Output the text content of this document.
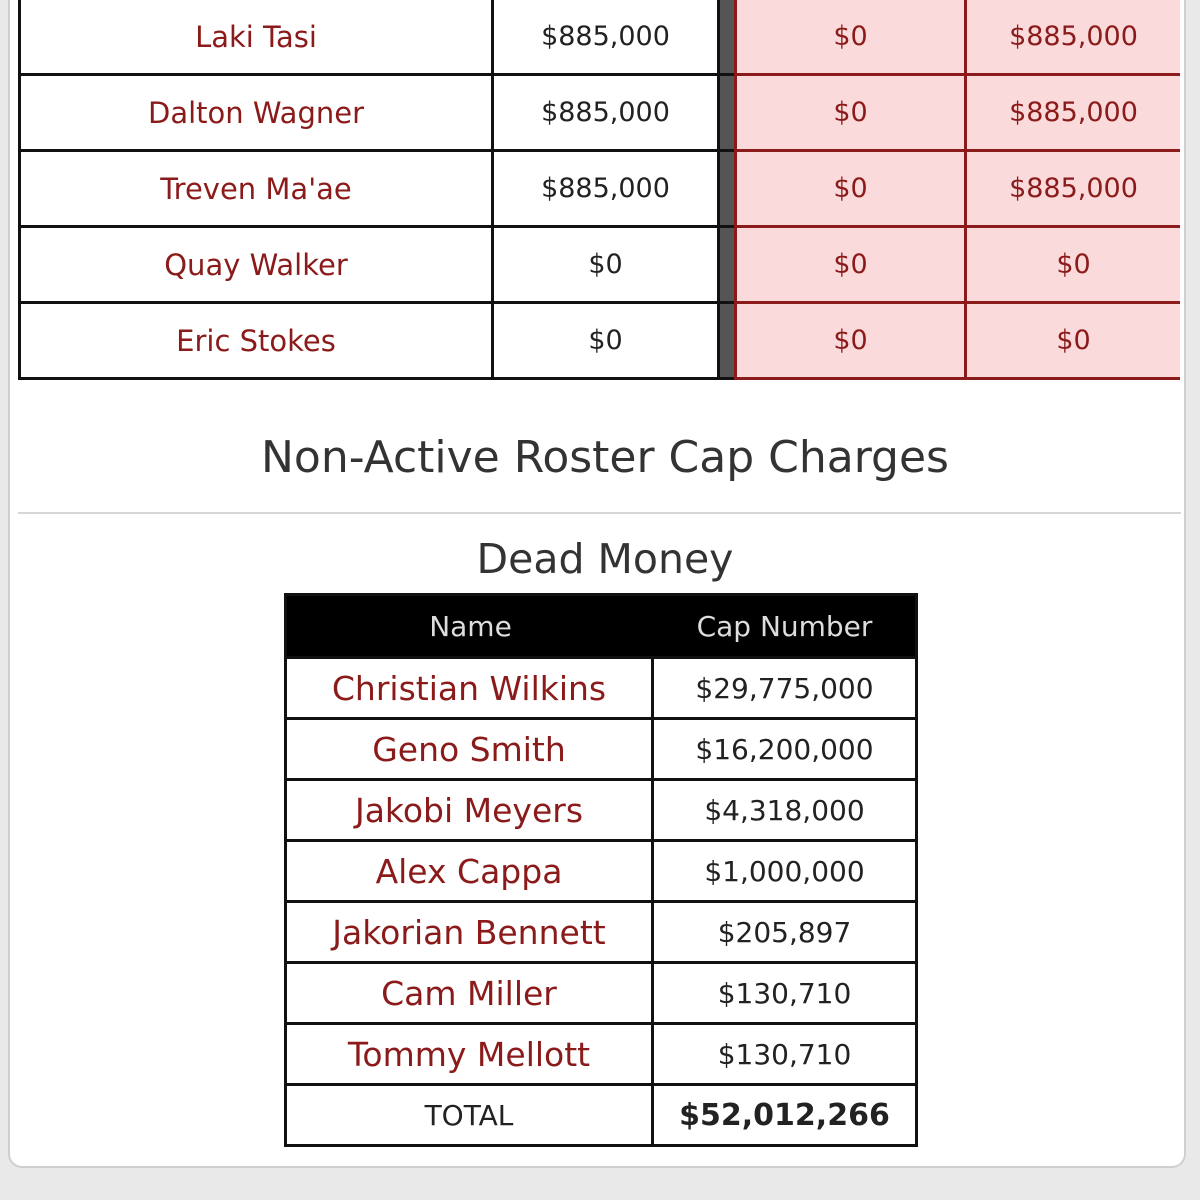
Laki Tasi	$885,000	$0	$885,000
Dalton Wagner	$885,000	$0	$885,000
Treven Ma'ae	$885,000	$0	$885,000
Quay Walker	$0	$0	$0
Eric Stokes	$0	$0	$0
Non-Active Roster Cap Charges
Dead Money
Name	Cap Number
Christian Wilkins	$29,775,000
Geno Smith	$16,200,000
Jakobi Meyers	$4,318,000
Alex Cappa	$1,000,000
Jakorian Bennett	$205,897
Cam Miller	$130,710
Tommy Mellott	$130,710
TOTAL	$52,012,266
